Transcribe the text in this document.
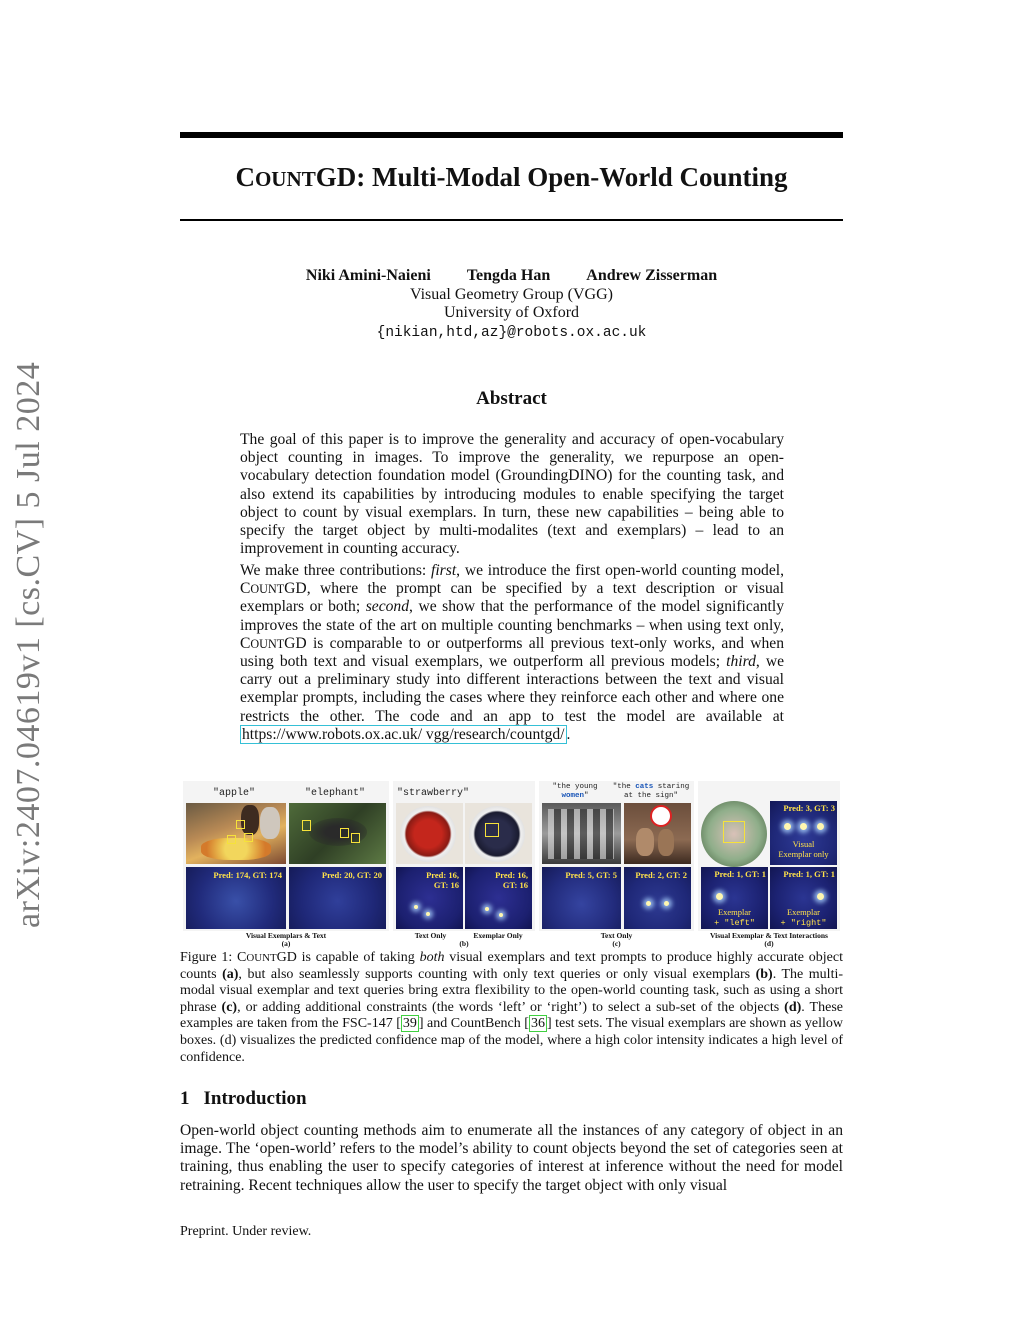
arXiv:2407.04619v1 [cs.CV] 5 Jul 2024
COUNTGD: Multi-Modal Open-World Counting
Niki Amini-Naieni Tengda Han Andrew Zisserman
Visual Geometry Group (VGG)
University of Oxford
{nikian,htd,az}@robots.ox.ac.uk
Abstract
The goal of this paper is to improve the generality and accuracy of open-vocabulary object counting in images. To improve the generality, we repurpose an open-vocabulary detection foundation model (GroundingDINO) for the counting task, and also extend its capabilities by introducing modules to enable specifying the target object to count by visual exemplars. In turn, these new capabilities – being able to specify the target object by multi-modalites (text and exemplars) – lead to an improvement in counting accuracy.
We make three contributions: first, we introduce the first open-world counting model, COUNTGD, where the prompt can be specified by a text description or visual exemplars or both; second, we show that the performance of the model significantly improves the state of the art on multiple counting benchmarks – when using text only, COUNTGD is comparable to or outperforms all previous text-only works, and when using both text and visual exemplars, we outperform all previous models; third, we carry out a preliminary study into different interactions between the text and visual exemplar prompts, including the cases where they reinforce each other and where one restricts the other. The code and an app to test the model are available at https://www.robots.ox.ac.uk/ vgg/research/countgd/ .
"apple"	"elephant"
Pred: 174, GT: 174	Pred: 20, GT: 20
Visual Exemplars & Text
(a)
"strawberry"
Pred: 16,
GT: 16
Pred: 16,
GT: 16
Text Only	Exemplar Only
(b)
"the young
women"
"the cats staring
at the sign"
Pred: 5, GT: 5 Pred: 2, GT: 2
Text Only
(c)
Pred: 3, GT: 3
Visual
Exemplar only
Pred: 1, GT: 1
Exemplar
+ "left"
Pred: 1, GT: 1
Exemplar
+ "right"
Visual Exemplar & Text Interactions
(d)
Figure 1: COUNTGD is capable of taking both visual exemplars and text prompts to produce highly accurate object counts (a), but also seamlessly supports counting with only text queries or only visual exemplars (b). The multi-modal visual exemplar and text queries bring extra flexibility to the open-world counting task, such as using a short phrase (c), or adding additional constraints (the words ‘left’ or ‘right’) to select a sub-set of the objects (d). These examples are taken from the FSC-147 [ 39 ] and CountBench [ 36 ] test sets. The visual exemplars are shown as yellow boxes. (d) visualizes the predicted confidence map of the model, where a high color intensity indicates a high level of confidence.
1 Introduction
Open-world object counting methods aim to enumerate all the instances of any category of object in an image. The ‘open-world’ refers to the model’s ability to count objects beyond the set of categories seen at training, thus enabling the user to specify categories of interest at inference without the need for model retraining. Recent techniques allow the user to specify the target object with only visual
Preprint. Under review.
